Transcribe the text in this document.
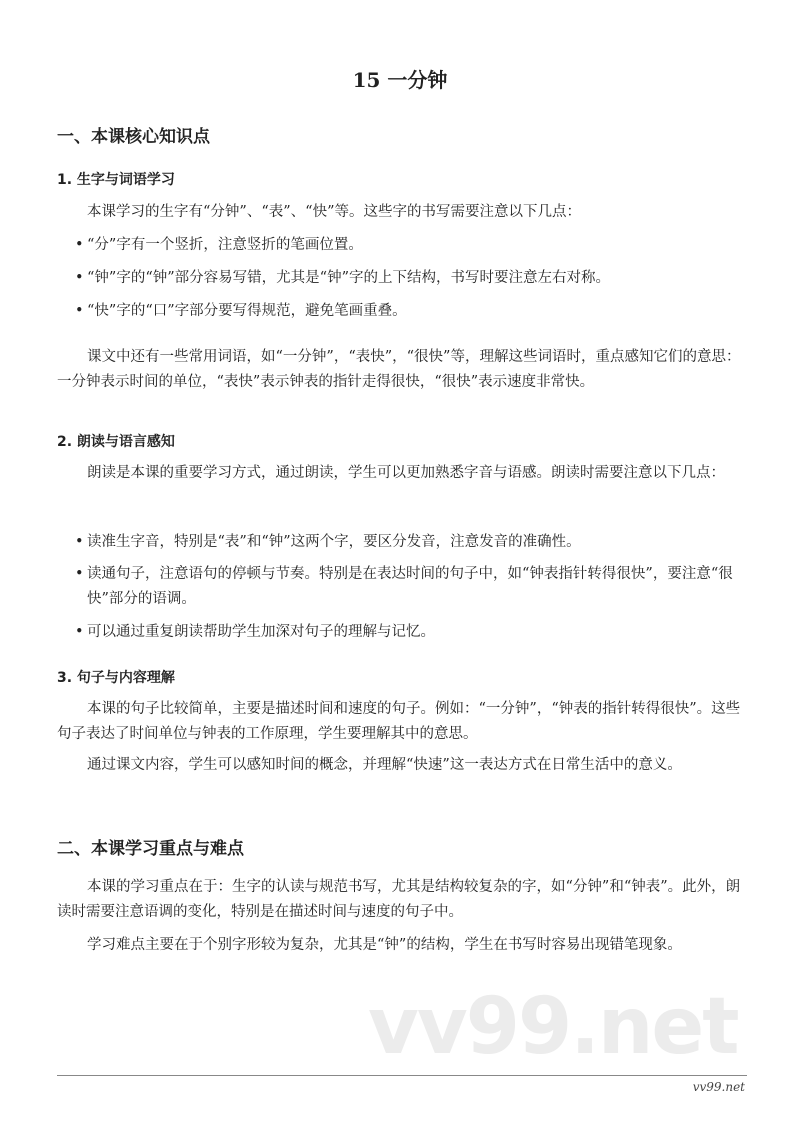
15 一分钟
一、本课核心知识点
1. 生字与词语学习
本课学习的生字有“分钟”、“表”、“快”等。这些字的书写需要注意以下几点：
• “分”字有一个竖折，注意竖折的笔画位置。
• “钟”字的“钟”部分容易写错，尤其是“钟”字的上下结构，书写时要注意左右对称。
• “快”字的“口”字部分要写得规范，避免笔画重叠。
课文中还有一些常用词语，如“一分钟”，“表快”，“很快”等，理解这些词语时，重点感知它们的意思：一分钟表示时间的单位，“表快”表示钟表的指针走得很快，“很快”表示速度非常快。
2. 朗读与语言感知
朗读是本课的重要学习方式，通过朗读，学生可以更加熟悉字音与语感。朗读时需要注意以下几点：
• 读准生字音，特别是“表”和“钟”这两个字，要区分发音，注意发音的准确性。
• 读通句子，注意语句的停顿与节奏。特别是在表达时间的句子中，如“钟表指针转得很快”，要注意“很快”部分的语调。
• 可以通过重复朗读帮助学生加深对句子的理解与记忆。
3. 句子与内容理解
本课的句子比较简单，主要是描述时间和速度的句子。例如：“一分钟”，“钟表的指针转得很快”。这些句子表达了时间单位与钟表的工作原理，学生要理解其中的意思。
通过课文内容，学生可以感知时间的概念，并理解“快速”这一表达方式在日常生活中的意义。
二、本课学习重点与难点
本课的学习重点在于：生字的认读与规范书写，尤其是结构较复杂的字，如“分钟”和“钟表”。此外，朗读时需要注意语调的变化，特别是在描述时间与速度的句子中。
学习难点主要在于个别字形较为复杂，尤其是“钟”的结构，学生在书写时容易出现错笔现象。
vv99.net
vv99.net
